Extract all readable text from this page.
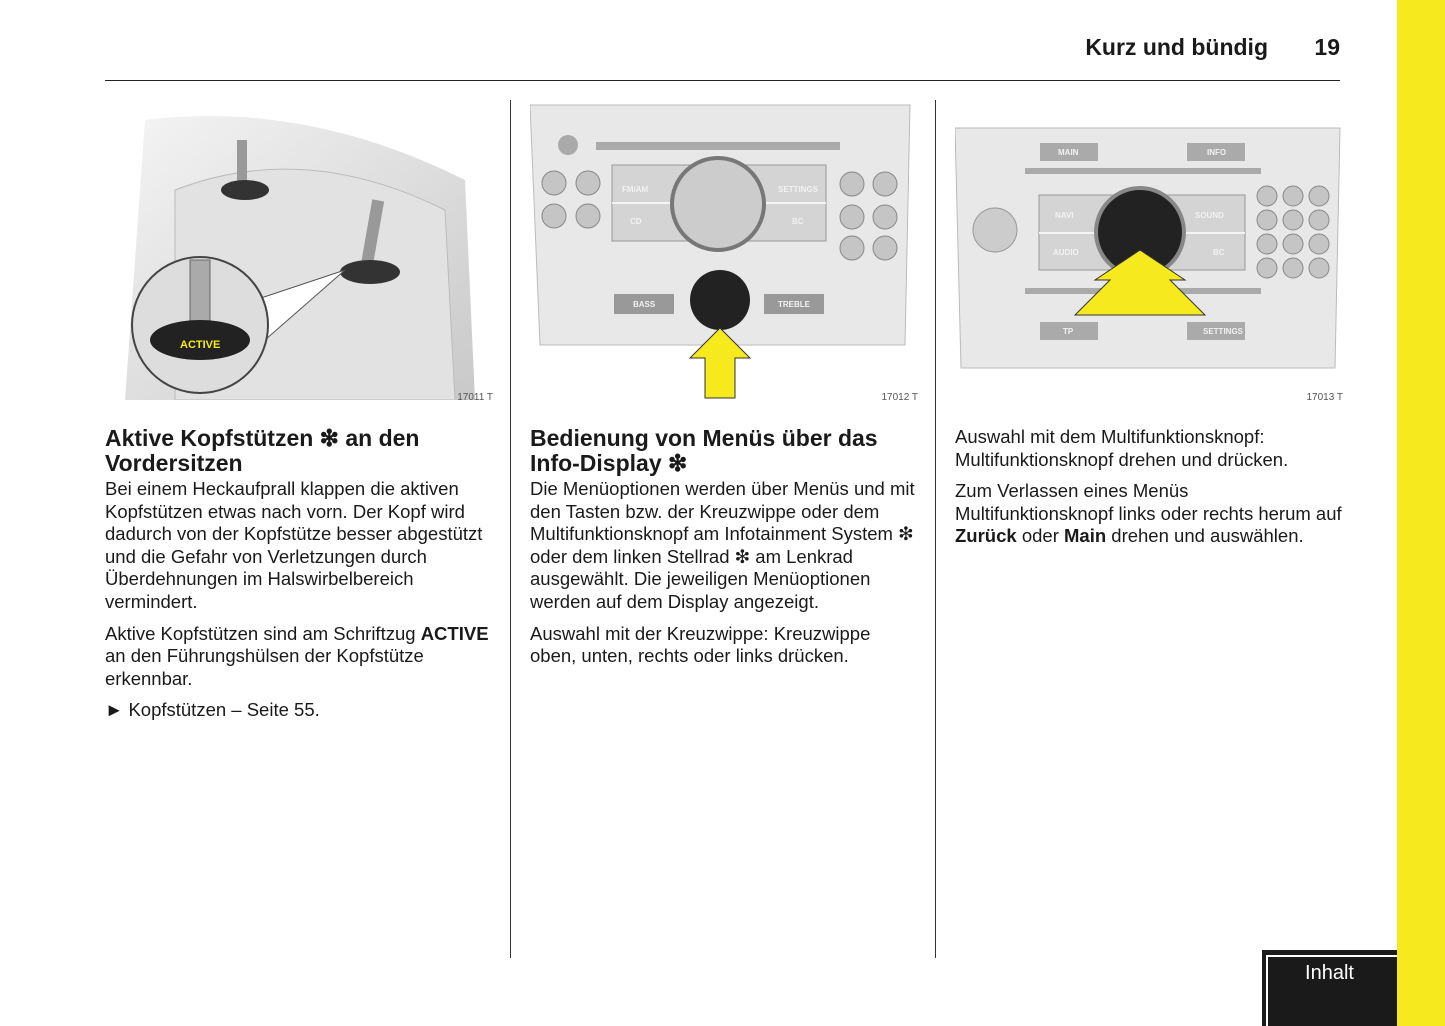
Kurz und bündig	19
ACTIVE
17011 T
Aktive Kopfstützen ❇ an den Vordersitzen

Bei einem Heckaufprall klappen die aktiven Kopfstützen etwas nach vorn. Der Kopf wird dadurch von der Kopfstütze besser abgestützt und die Gefahr von Verletzungen durch Überdehnungen im Halswirbelbereich vermindert.

Aktive Kopfstützen sind am Schriftzug ACTIVE an den Führungshülsen der Kopfstütze erkennbar.

► Kopfstützen – Seite 55.

FM/AM
CD
SETTINGS
BC
BASS	TREBLE
17012 T
Bedienung von Menüs über das Info-Display ❇

Die Menüoptionen werden über Menüs und mit den Tasten bzw. der Kreuzwippe oder dem Multifunktionsknopf am Infotainment System ❇ oder dem linken Stellrad ❇ am Lenkrad ausgewählt. Die jeweiligen Menüoptionen werden auf dem Display angezeigt.

Auswahl mit der Kreuzwippe: Kreuzwippe oben, unten, rechts oder links drücken.

MAIN	INFO
NAVI
AUDIO
SOUND
BC
TP	SETTINGS
17013 T

Auswahl mit dem Multifunktionsknopf: Multifunktionsknopf drehen und drücken.

Zum Verlassen eines Menüs Multifunktionsknopf links oder rechts herum auf Zurück oder Main drehen und auswählen.

Inhalt
